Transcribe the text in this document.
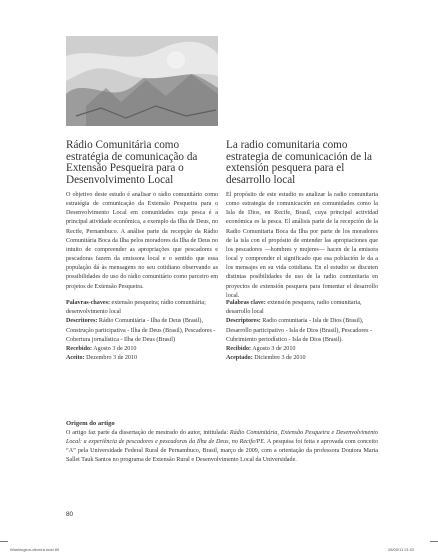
Rádio Comunitária como estratégia de comunicação da Extensão Pesqueira para o Desenvolvimento Local
La radio comunitaria como estrategia de comunicación de la extensión pesquera para el desarrollo local
O objetivo deste estudo é analisar o rádio comunitário como estratégia de comunicação da Extensão Pesqueira para o Desenvolvimento Local em comunidades cuja pesca é a principal atividade econômica, a exemplo da Ilha de Deus, no Recife, Pernambuco. A análise parte da recepção da Rádio Comunitária Boca da Ilha pelos moradores da Ilha de Deus no intuito de compreender as apropriações que pescadores e pescadoras fazem da emissora local e o sentido que essa população dá às mensagens no seu cotidiano observando as possibilidades do uso do rádio comunitário como parceiro em projetos de Extensão Pesqueira.
El propósito de este estudio es analizar la radio comunitaria como estrategia de comunicación en comunidades como la Isla de Dios, en Recife, Brasil, cuya principal actividad económica es la pesca. El análisis parte de la recepción de la Radio Comunitaria Boca da Ilha por parte de los moradores de la isla con el propósito de entender las apropiaciones que los pescadores —hombres y mujeres— hacen de la emisora local y comprender el significado que esa población le da a los mensajes en su vida cotidiana. En el estudio se discuten distintas posibilidades de uso de la radio comunitaria en proyectos de extensión pesquera para fomentar el desarrollo local.
Palavras-chaves: extensão pesqueira; rádio comunitária; desenvolvimento local
Descritores: Rádio Comunitária - Ilha de Deus (Brasil), Construção participativa - Ilha de Deus (Brasil), Pescadores - Cobertura jornalística - Ilha de Deus (Brasil)
Recebido: Agosto 3 de 2010
Aceito: Dezembro 3 de 2010
Palabras clave: extensión pesquera, radio comunitaria, desarrollo local
Descriptores: Radio comunitaria - Isla de Dios (Brasil), Desarrollo participativo - Isla de Dios (Brasil), Pescadores - Cubrimiento periodístico - Isla de Dios (Brasil).
Recibido: Agosto 3 de 2010
Aceptado: Diciembre 3 de 2010
Origem do artigo
O artigo faz parte da dissertação de mestrado do autor, intitulada: Rádio Comunitária, Extensão Pesqueira e Desenvolvimento Local: a experiência de pescadores e pescadoras da Ilha de Deus, no Recife/PE. A pesquisa foi feita e aprovada com conceito “A” pela Universidade Federal Rural de Pernambuco, Brasil, março de 2009, com a orientação da professora Doutora Maria Sallet Tauk Santos no programa de Extensão Rural e Desenvolvimento Local da Universidade.
80
Washington-oliveira.indd 80	28/09/11 21:02
